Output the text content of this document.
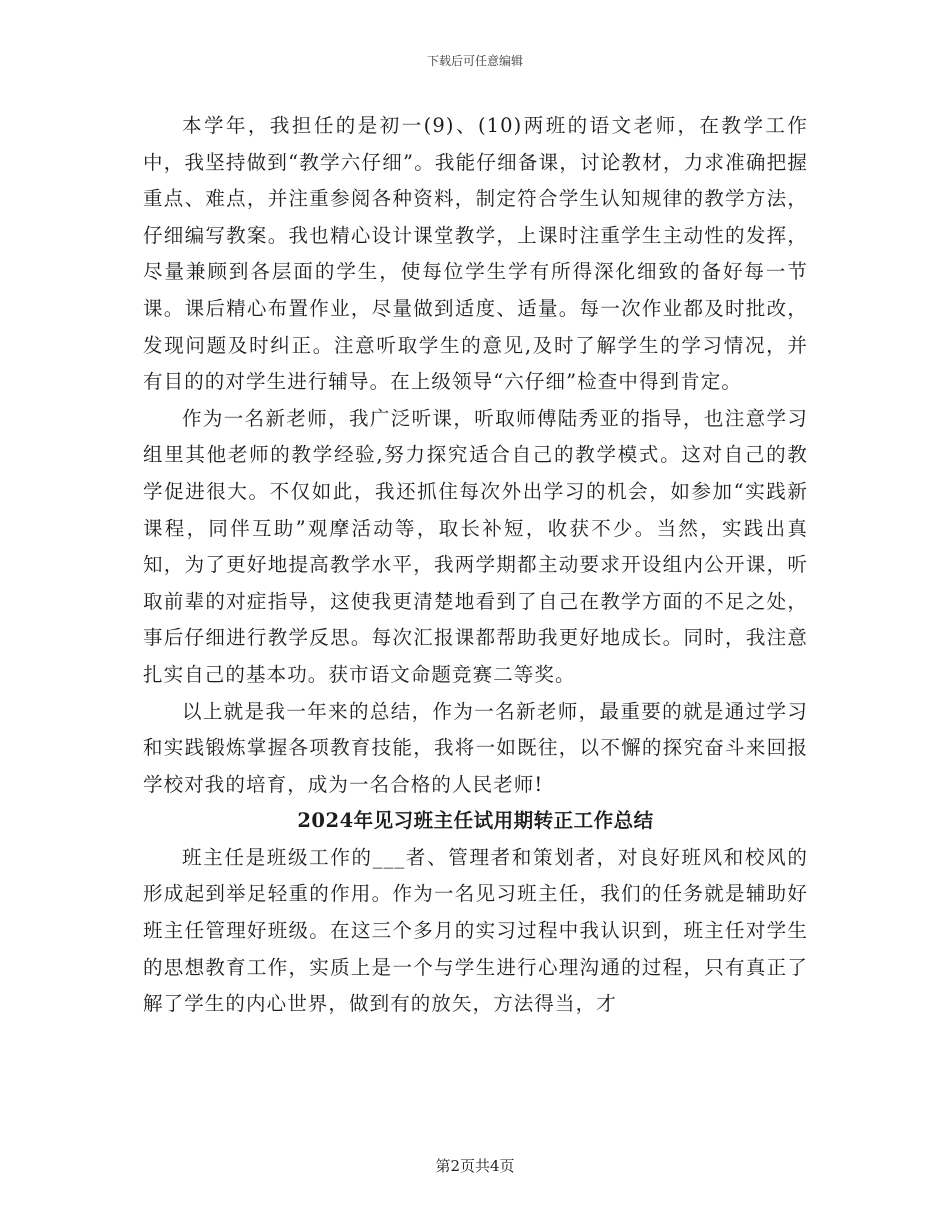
下载后可任意编辑

本学年，我担任的是初一(9)、(10)两班的语文老师，在教学工作中，我坚持做到“教学六仔细”。我能仔细备课，讨论教材，力求准确把握重点、难点，并注重参阅各种资料，制定符合学生认知规律的教学方法，仔细编写教案。我也精心设计课堂教学，上课时注重学生主动性的发挥，尽量兼顾到各层面的学生，使每位学生学有所得深化细致的备好每一节课。课后精心布置作业，尽量做到适度、适量。每一次作业都及时批改，发现问题及时纠正。注意听取学生的意见,及时了解学生的学习情况，并有目的的对学生进行辅导。在上级领导“六仔细”检查中得到肯定。

作为一名新老师，我广泛听课，听取师傅陆秀亚的指导，也注意学习组里其他老师的教学经验,努力探究适合自己的教学模式。这对自己的教学促进很大。不仅如此，我还抓住每次外出学习的机会，如参加“实践新课程，同伴互助”观摩活动等，取长补短，收获不少。当然，实践出真知，为了更好地提高教学水平，我两学期都主动要求开设组内公开课，听取前辈的对症指导，这使我更清楚地看到了自己在教学方面的不足之处，事后仔细进行教学反思。每次汇报课都帮助我更好地成长。同时，我注意扎实自己的基本功。获市语文命题竞赛二等奖。

以上就是我一年来的总结，作为一名新老师，最重要的就是通过学习和实践锻炼掌握各项教育技能，我将一如既往，以不懈的探究奋斗来回报学校对我的培育，成为一名合格的人民老师!

2024年见习班主任试用期转正工作总结

班主任是班级工作的___者、管理者和策划者，对良好班风和校风的形成起到举足轻重的作用。作为一名见习班主任，我们的任务就是辅助好班主任管理好班级。在这三个多月的实习过程中我认识到，班主任对学生的思想教育工作，实质上是一个与学生进行心理沟通的过程，只有真正了解了学生的内心世界，做到有的放矢，方法得当，才

第2页共4页
